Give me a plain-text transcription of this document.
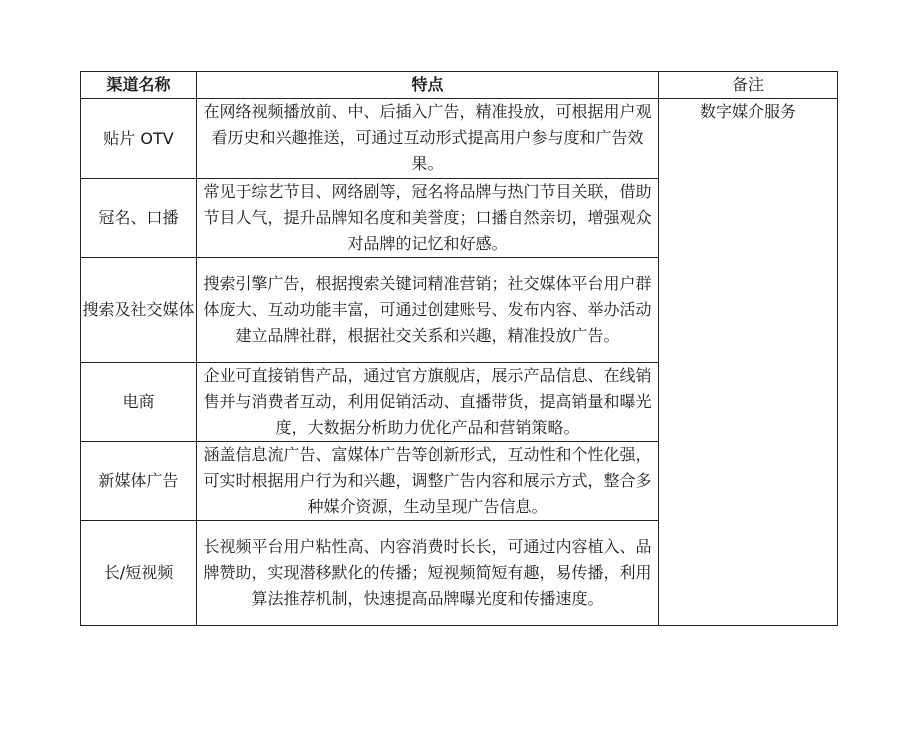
渠道名称	特点	备注
贴片 OTV	在网络视频播放前、中、后插入广告，精准投放，可根据用户观看历史和兴趣推送，可通过互动形式提高用户参与度和广告效果。	数字媒介服务
冠名、口播	常见于综艺节目、网络剧等，冠名将品牌与热门节目关联，借助节目人气，提升品牌知名度和美誉度；口播自然亲切，增强观众对品牌的记忆和好感。	
搜索及社交媒体	搜索引擎广告，根据搜索关键词精准营销；社交媒体平台用户群体庞大、互动功能丰富，可通过创建账号、发布内容、举办活动建立品牌社群，根据社交关系和兴趣，精准投放广告。	
电商	企业可直接销售产品，通过官方旗舰店，展示产品信息、在线销售并与消费者互动，利用促销活动、直播带货，提高销量和曝光度，大数据分析助力优化产品和营销策略。	
新媒体广告	涵盖信息流广告、富媒体广告等创新形式，互动性和个性化强，可实时根据用户行为和兴趣，调整广告内容和展示方式，整合多种媒介资源，生动呈现广告信息。	
长/短视频	长视频平台用户粘性高、内容消费时长长，可通过内容植入、品牌赞助，实现潜移默化的传播；短视频简短有趣，易传播，利用算法推荐机制，快速提高品牌曝光度和传播速度。	
